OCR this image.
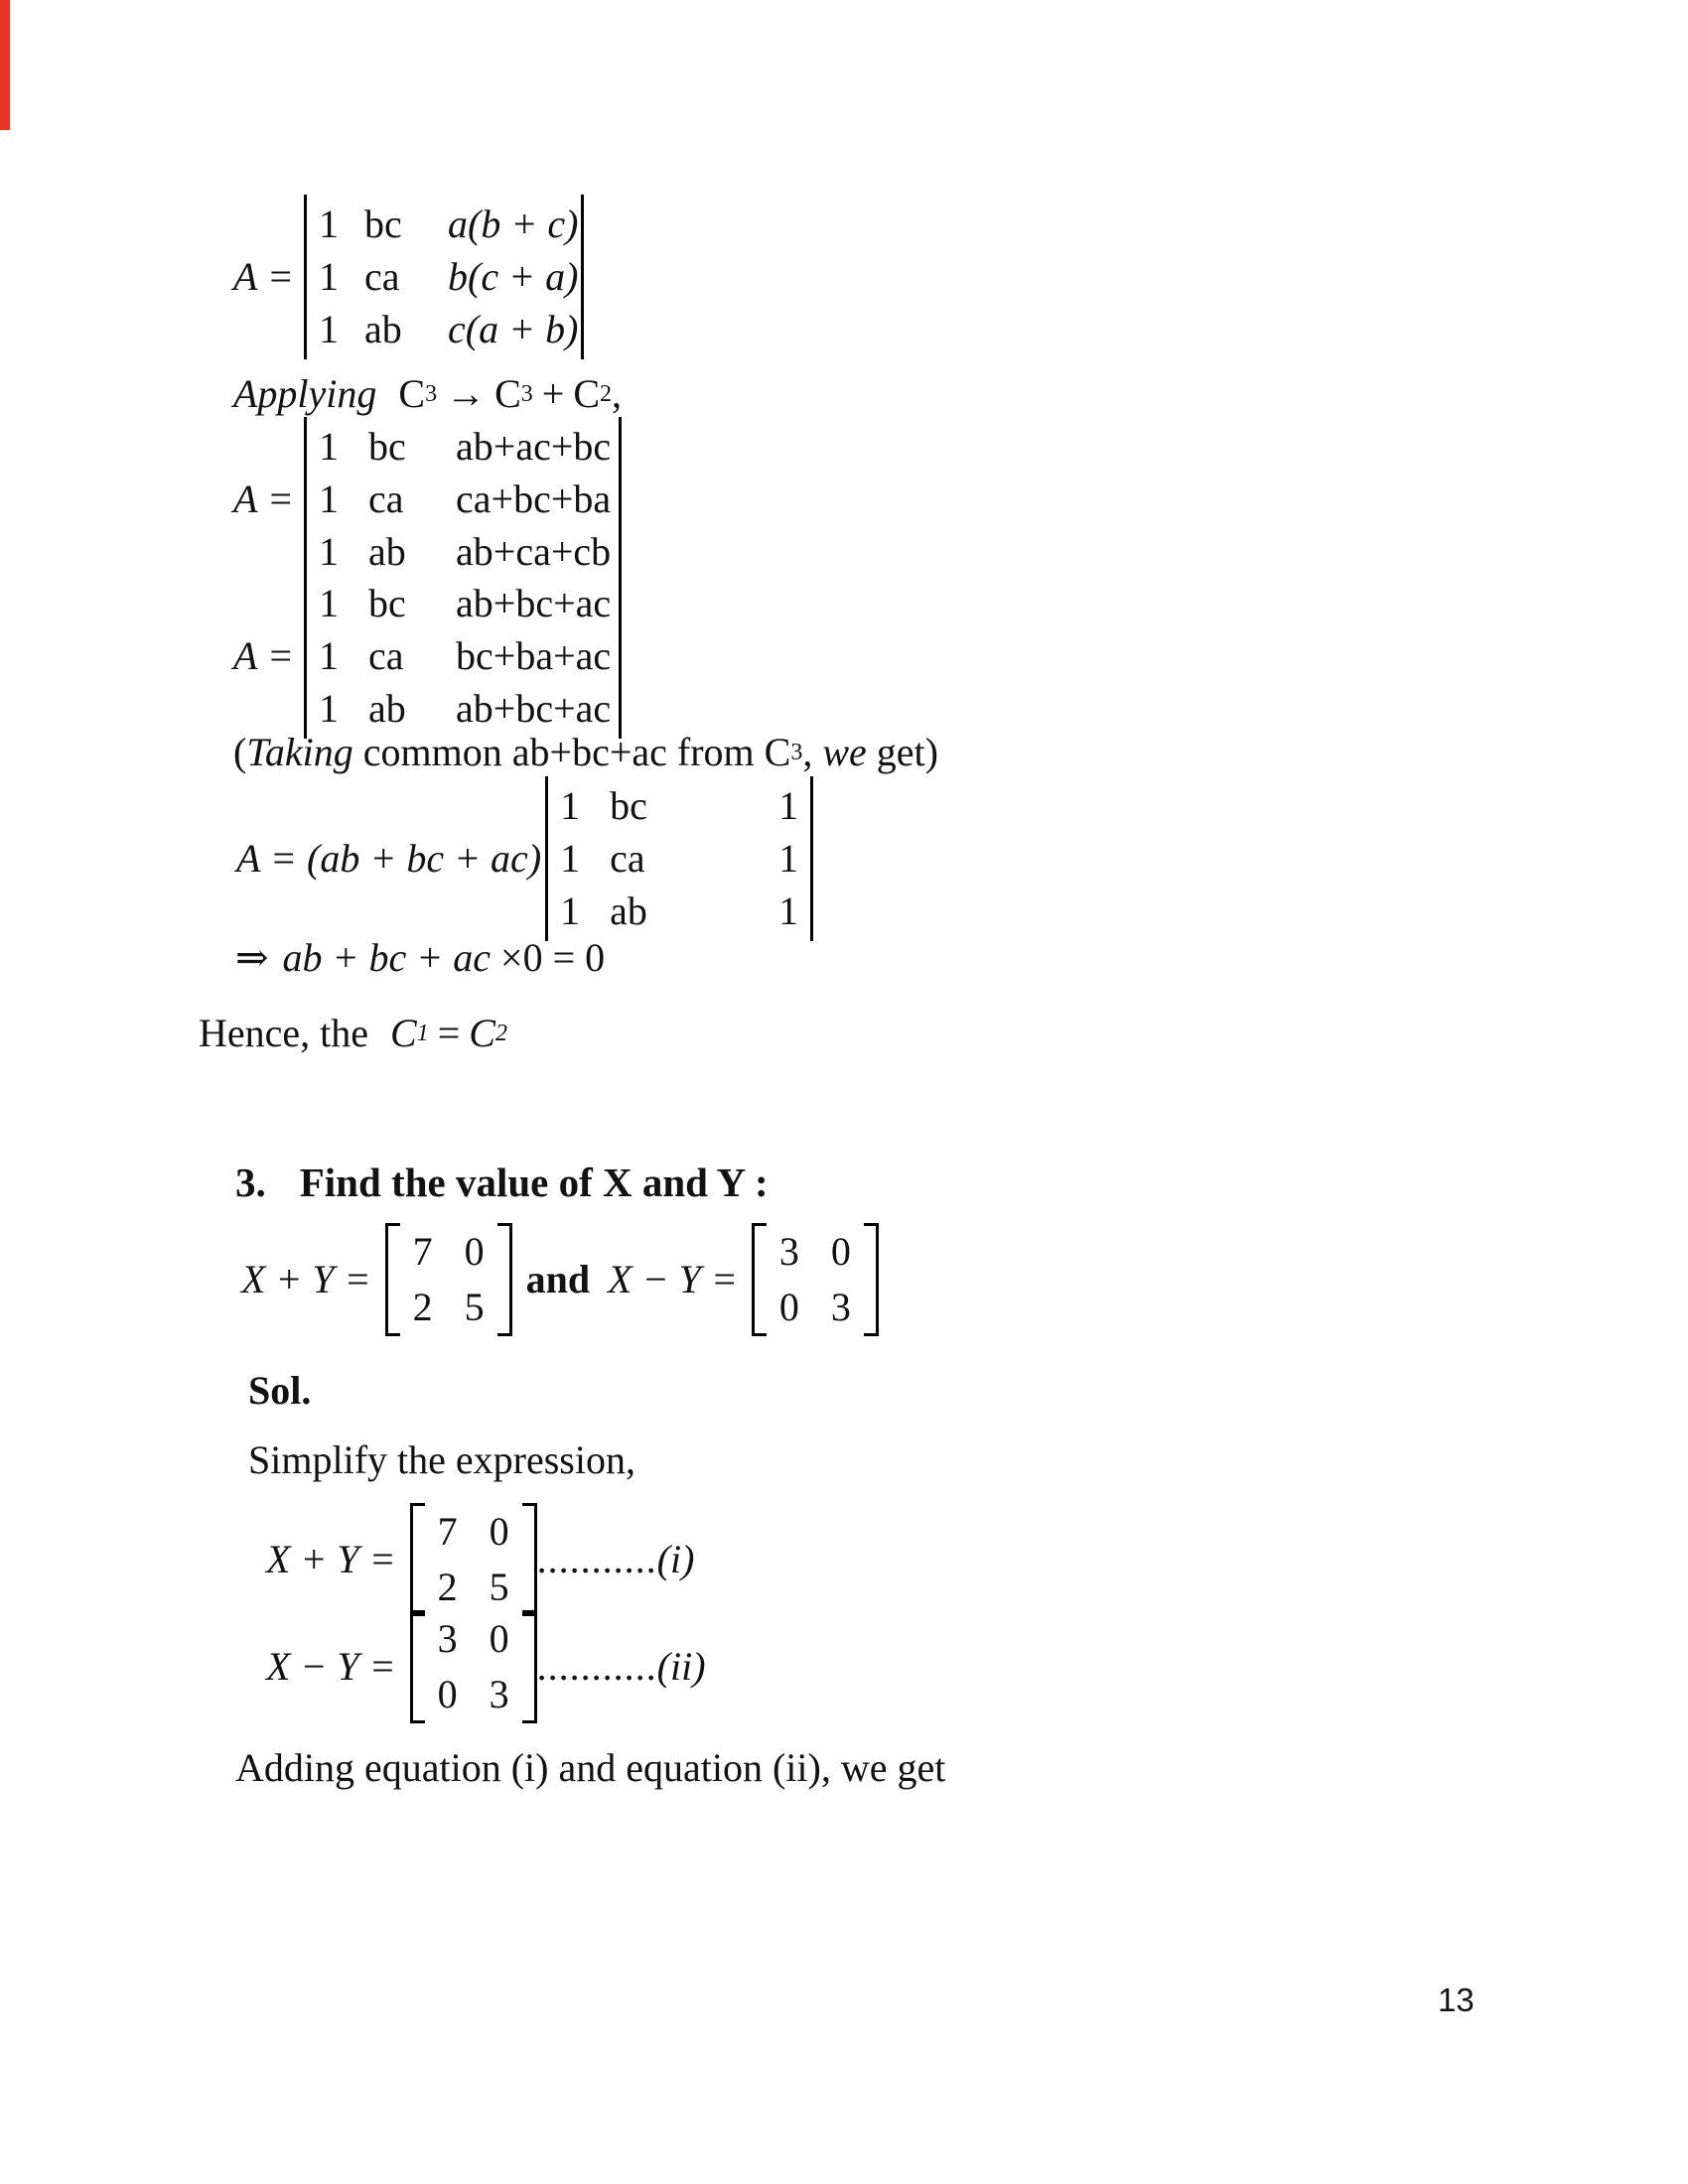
A =
1 bc	a(b + c)
1 ca	b(c + a)
1 ab	c(a + b)
Applying C 3 → C 3 + C 2 ,
A =
1 bc	ab+ac+bc
1 ca	ca+bc+ba
1 ab	ab+ca+cb
A =
1 bc	ab+bc+ac
1 ca	bc+ba+ac
1 ab	ab+bc+ac
( Taking common ab+bc+ac from C 3 , we get)
A = (ab + bc + ac)
1 bc	1
1 ca	1
1 ab	1
⇒ ab + bc + ac ×0 = 0
Hence, the C 1 = C 2
3. Find the value of X and Y :
X + Y =
7 0
2 5
and X − Y =
3 0
0 3
Sol.
Simplify the expression,
X + Y =
7 0
2 5
........... (i)
X − Y =
3 0
0 3
........... (ii)
Adding equation (i) and equation (ii), we get
13
